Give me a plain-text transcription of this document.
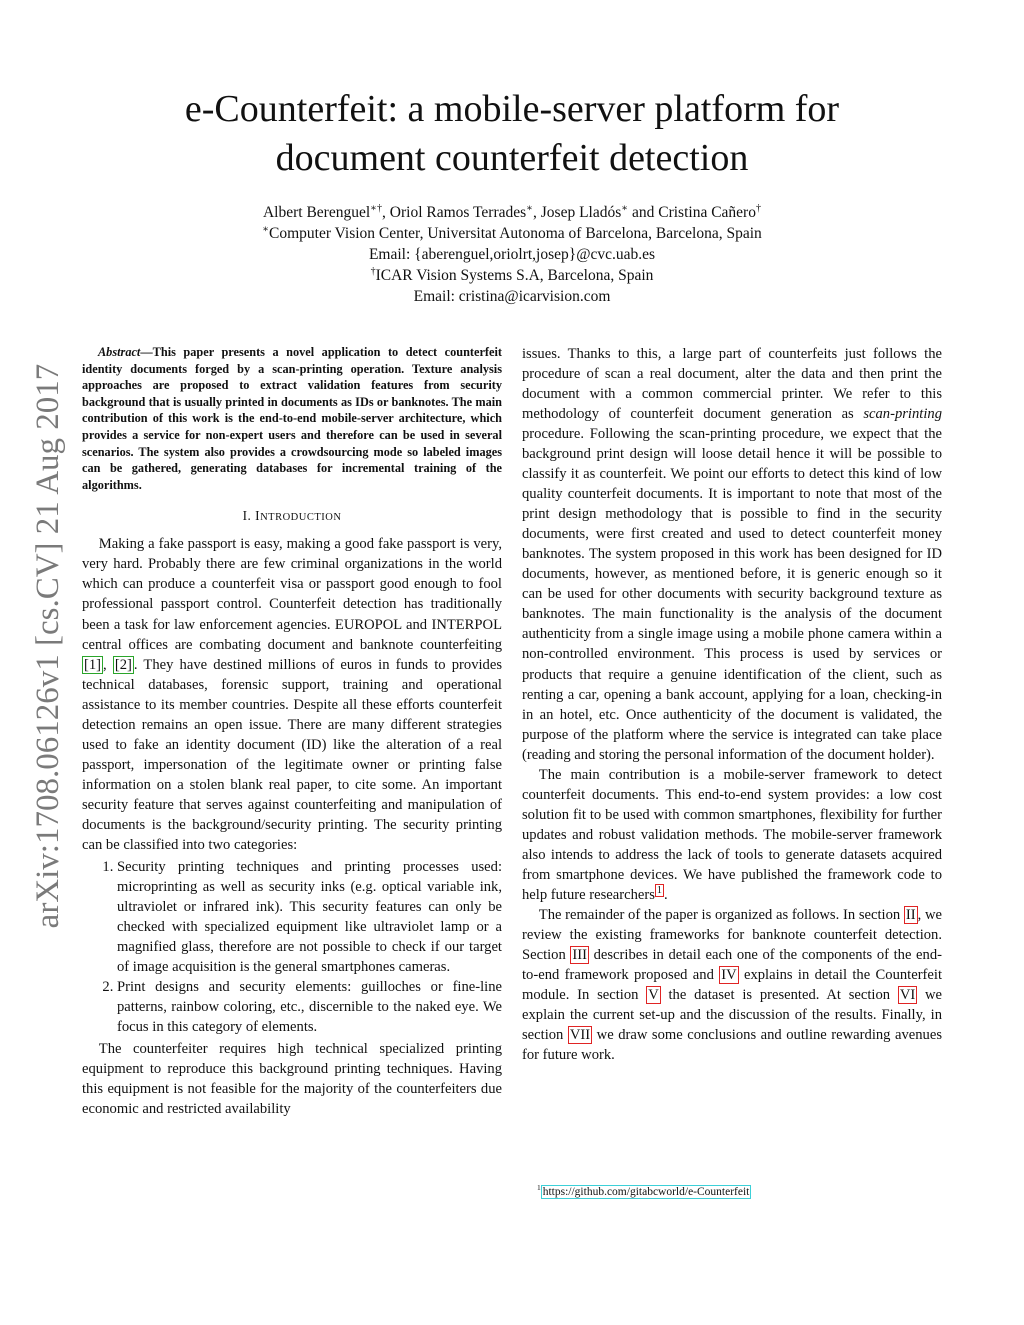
arXiv:1708.06126v1 [cs.CV] 21 Aug 2017
e-Counterfeit: a mobile-server platform for
document counterfeit detection
Albert Berenguel∗†, Oriol Ramos Terrades∗, Josep Lladós∗ and Cristina Cañero†
∗Computer Vision Center, Universitat Autonoma of Barcelona, Barcelona, Spain
Email: {aberenguel,oriolrt,josep}@cvc.uab.es
†ICAR Vision Systems S.A, Barcelona, Spain
Email: cristina@icarvision.com
Abstract—This paper presents a novel application to detect counterfeit identity documents forged by a scan-printing operation. Texture analysis approaches are proposed to extract validation features from security background that is usually printed in documents as IDs or banknotes. The main contribution of this work is the end-to-end mobile-server architecture, which provides a service for non-expert users and therefore can be used in several scenarios. The system also provides a crowdsourcing mode so labeled images can be gathered, generating databases for incremental training of the algorithms.
I. INTRODUCTION

Making a fake passport is easy, making a good fake passport is very, very hard. Probably there are few criminal organizations in the world which can produce a counterfeit visa or passport good enough to fool professional passport control. Counterfeit detection has traditionally been a task for law enforcement agencies. EUROPOL and INTERPOL central offices are combating document and banknote counterfeiting [1] , [2] . They have destined millions of euros in funds to provides technical databases, forensic support, training and operational assistance to its member countries. Despite all these efforts counterfeit detection remains an open issue. There are many different strategies used to fake an identity document (ID) like the alteration of a real passport, impersonation of the legitimate owner or printing false information on a stolen blank real paper, to cite some. An important security feature that serves against counterfeiting and manipulation of documents is the background/security printing. The security printing can be classified into two categories:

1. Security printing techniques and printing processes used: microprinting as well as security inks (e.g. optical variable ink, ultraviolet or infrared ink). This security features can only be checked with specialized equipment like ultraviolet lamp or a magnified glass, therefore are not possible to check if our target of image acquisition is the general smartphones cameras.
2. Print designs and security elements: guilloches or fine-line patterns, rainbow coloring, etc., discernible to the naked eye. We focus in this category of elements.

The counterfeiter requires high technical specialized printing equipment to reproduce this background printing techniques. Having this equipment is not feasible for the majority of the counterfeiters due economic and restricted availability

issues. Thanks to this, a large part of counterfeits just follows the procedure of scan a real document, alter the data and then print the document with a common commercial printer. We refer to this methodology of counterfeit document generation as scan-printing procedure. Following the scan-printing procedure, we expect that the background print design will loose detail hence it will be possible to classify it as counterfeit. We point our efforts to detect this kind of low quality counterfeit documents. It is important to note that most of the print design methodology that is possible to find in the security documents, were first created and used to detect counterfeit money banknotes. The system proposed in this work has been designed for ID documents, however, as mentioned before, it is generic enough so it can be used for other documents with security background texture as banknotes. The main functionality is the analysis of the document authenticity from a single image using a mobile phone camera within a non-controlled environment. This process is used by services or products that require a genuine identification of the client, such as renting a car, opening a bank account, applying for a loan, checking-in in an hotel, etc. Once authenticity of the document is validated, the purpose of the platform where the service is integrated can take place (reading and storing the personal information of the document holder).

The main contribution is a mobile-server framework to detect counterfeit documents. This end-to-end system provides: a low cost solution fit to be used with common smartphones, flexibility for further updates and robust validation methods. The mobile-server framework also intends to address the lack of tools to generate datasets acquired from smartphone devices. We have published the framework code to help future researchers $^1$ .

The remainder of the paper is organized as follows. In section II , we review the existing frameworks for banknote counterfeit detection. Section III describes in detail each one of the components of the end-to-end framework proposed and IV explains in detail the Counterfeit module. In section V the dataset is presented. At section VI we explain the current set-up and the discussion of the results. Finally, in section VII we draw some conclusions and outline rewarding avenues for future work.

$^1$ https://github.com/gitabcworld/e-Counterfeit
